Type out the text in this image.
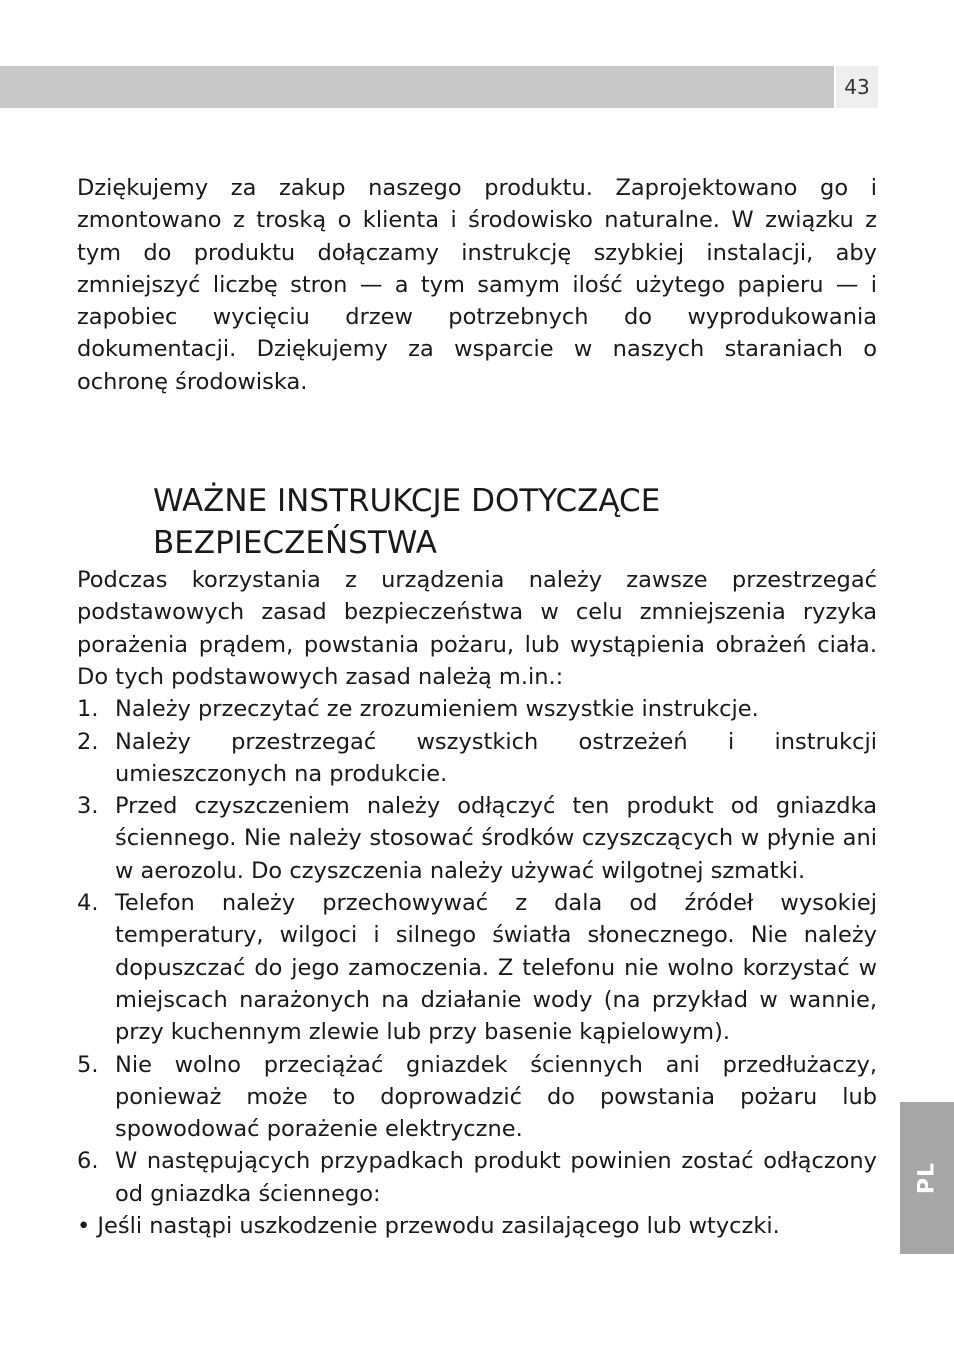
43
PL

Dziękujemy za zakup naszego produktu. Zaprojektowano go i zmontowano z troską o klienta i środowisko naturalne. W związku z tym do produktu dołączamy instrukcję szybkiej instalacji, aby zmniejszyć liczbę stron — a tym samym ilość użytego papieru — i zapobiec wycięciu drzew potrzebnych do wyprodukowania dokumentacji. Dziękujemy za wsparcie w naszych staraniach o ochronę środowiska.

WAŻNE INSTRUKCJE DOTYCZĄCE
BEZPIECZEŃSTWA

Podczas korzystania z urządzenia należy zawsze przestrzegać podstawowych zasad bezpieczeństwa w celu zmniejszenia ryzyka porażenia prądem, powstania pożaru, lub wystąpienia obrażeń ciała. Do tych podstawowych zasad należą m.in.:

1. Należy przeczytać ze zrozumieniem wszystkie instrukcje.
2. Należy przestrzegać wszystkich ostrzeżeń i instrukcji umieszczonych na produkcie.
3. Przed czyszczeniem należy odłączyć ten produkt od gniazdka ściennego. Nie należy stosować środków czyszczących w płynie ani w aerozolu. Do czyszczenia należy używać wilgotnej szmatki.
4. Telefon należy przechowywać z dala od źródeł wysokiej temperatury, wilgoci i silnego światła słonecznego. Nie należy dopuszczać do jego zamoczenia. Z telefonu nie wolno korzystać w miejscach narażonych na działanie wody (na przykład w wannie, przy kuchennym zlewie lub przy basenie kąpielowym).
5. Nie wolno przeciążać gniazdek ściennych ani przedłużaczy, ponieważ może to doprowadzić do powstania pożaru lub spowodować porażenie elektryczne.
6. W następujących przypadkach produkt powinien zostać odłączony od gniazdka ściennego:

• Jeśli nastąpi uszkodzenie przewodu zasilającego lub wtyczki.
